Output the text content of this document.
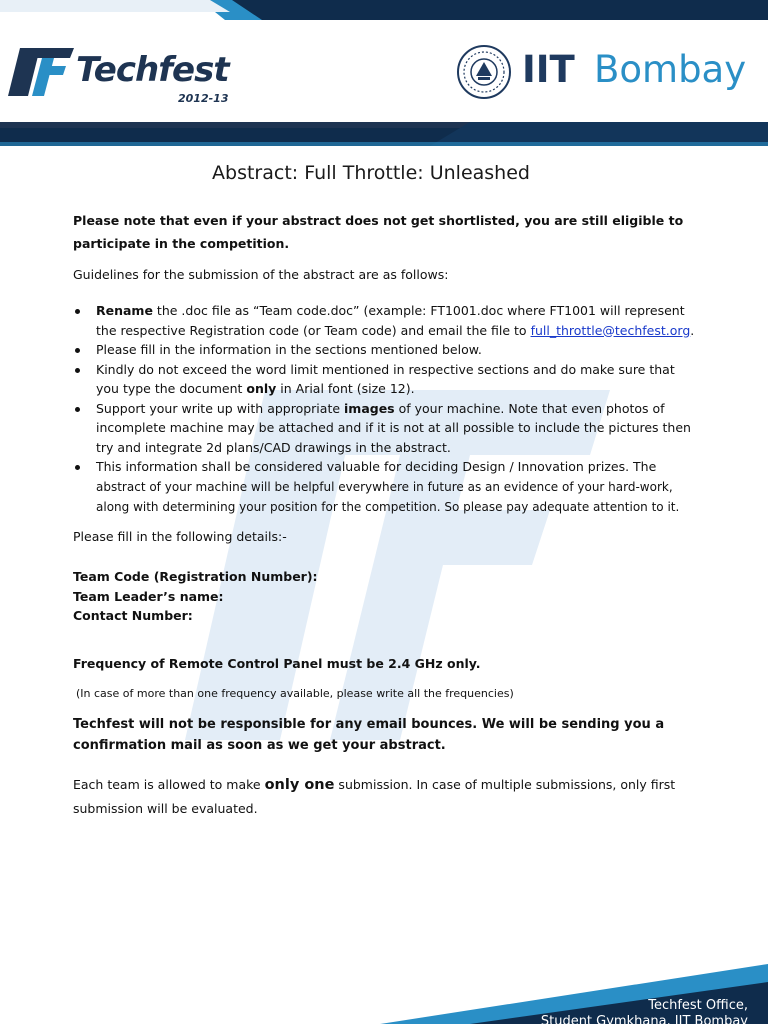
Techfest
2012-13
IIT Bombay
Abstract: Full Throttle: Unleashed
Please note that even if your abstract does not get shortlisted, you are still eligible to participate in the competition.
Guidelines for the submission of the abstract are as follows:
Rename the .doc file as “Team code.doc” (example: FT1001.doc where FT1001 will represent the respective Registration code (or Team code) and email the file to full_throttle@techfest.org.
Please fill in the information in the sections mentioned below.
Kindly do not exceed the word limit mentioned in respective sections and do make sure that you type the document only in Arial font (size 12).
Support your write up with appropriate images of your machine. Note that even photos of incomplete machine may be attached and if it is not at all possible to include the pictures then try and integrate 2d plans/CAD drawings in the abstract.
This information shall be considered valuable for deciding Design / Innovation prizes. The abstract of your machine will be helpful everywhere in future as an evidence of your hard-work, along with determining your position for the competition. So please pay adequate attention to it.
Please fill in the following details:-
Team Code (Registration Number):
Team Leader’s name:
Contact Number:
Frequency of Remote Control Panel must be 2.4 GHz only.
(In case of more than one frequency available, please write all the frequencies)
Techfest will not be responsible for any email bounces. We will be sending you a confirmation mail as soon as we get your abstract.
Each team is allowed to make only one submission. In case of multiple submissions, only first submission will be evaluated.
Techfest Office,
Student Gymkhana, IIT Bombay
